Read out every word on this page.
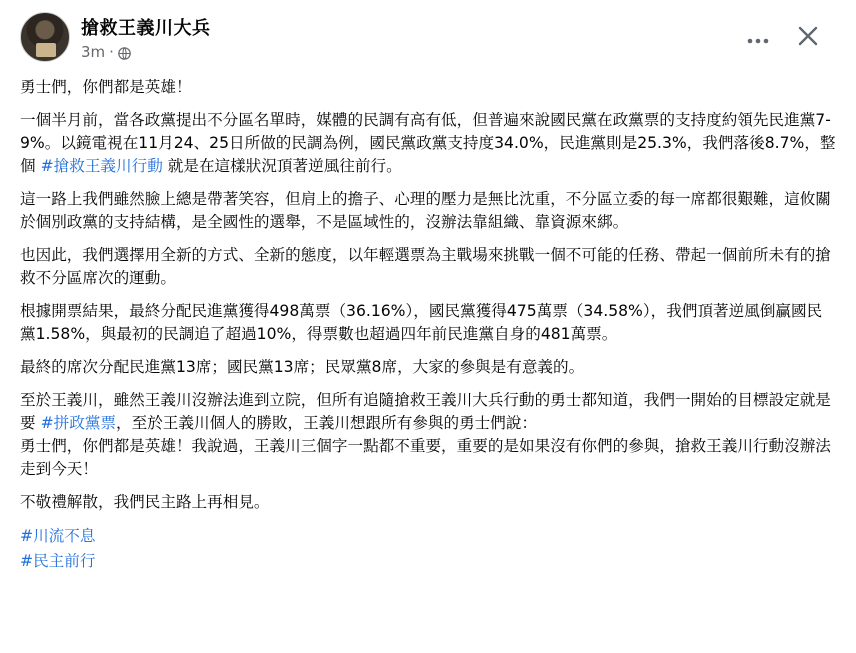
搶救王義川大兵
3m ·
勇士們，你們都是英雄！
一個半月前，當各政黨提出不分區名單時，媒體的民調有高有低，但普遍來說國民黨在政黨票的支持度約領先民進黨7-9%。以鏡電視在11月24、25日所做的民調為例，國民黨政黨支持度34.0%，民進黨則是25.3%，我們落後8.7%，整個 #搶救王義川行動 就是在這樣狀況頂著逆風往前行。
這一路上我們雖然臉上總是帶著笑容，但肩上的擔子、心理的壓力是無比沈重，不分區立委的每一席都很艱難，這攸關於個別政黨的支持結構，是全國性的選舉，不是區域性的，沒辦法靠組織、靠資源來綁。
也因此，我們選擇用全新的方式、全新的態度，以年輕選票為主戰場來挑戰一個不可能的任務、帶起一個前所未有的搶救不分區席次的運動。
根據開票結果，最終分配民進黨獲得498萬票（36.16%），國民黨獲得475萬票（34.58%），我們頂著逆風倒贏國民黨1.58%，與最初的民調追了超過10%，得票數也超過四年前民進黨自身的481萬票。
最終的席次分配民進黨13席；國民黨13席；民眾黨8席，大家的參與是有意義的。
至於王義川，雖然王義川沒辦法進到立院，但所有追隨搶救王義川大兵行動的勇士都知道，我們一開始的目標設定就是要 #拼政黨票，至於王義川個人的勝敗，王義川想跟所有參與的勇士們說：
勇士們，你們都是英雄！我說過，王義川三個字一點都不重要，重要的是如果沒有你們的參與，搶救王義川行動沒辦法走到今天！
不敬禮解散，我們民主路上再相見。
#川流不息
#民主前行
